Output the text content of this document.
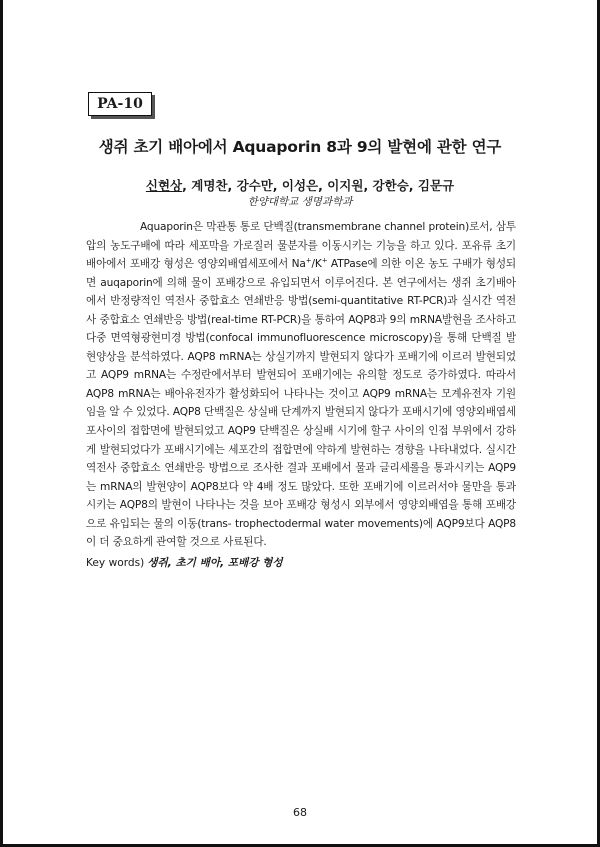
PA-10
생쥐 초기 배아에서 Aquaporin 8과 9의 발현에 관한 연구
신현상, 계명찬, 강수만, 이성은, 이지원, 강한승, 김문규
한양대학교 생명과학과

Aquaporin은 막관통 통로 단백질(transmembrane channel protein)로서, 삼투압의 농도구배에 따라 세포막을 가로질러 물분자를 이동시키는 기능을 하고 있다. 포유류 초기배아에서 포배강 형성은 영양외배엽세포에서 Na+/K+ ATPase에 의한 이온 농도 구배가 형성되면 auqaporin에 의해 물이 포배강으로 유입되면서 이루어진다. 본 연구에서는 생쥐 초기배아에서 반정량적인 역전사 중합효소 연쇄반응 방법(semi-quantitative RT-PCR)과 실시간 역전사 중합효소 연쇄반응 방법(real-time RT-PCR)을 통하여 AQP8과 9의 mRNA발현을 조사하고 다중 면역형광현미경 방법(confocal immunofluorescence microscopy)을 통해 단백질 발현양상을 분석하였다. AQP8 mRNA는 상실기까지 발현되지 않다가 포배기에 이르러 발현되었고 AQP9 mRNA는 수정란에서부터 발현되어 포배기에는 유의할 정도로 증가하였다. 따라서 AQP8 mRNA는 배아유전자가 활성화되어 나타나는 것이고 AQP9 mRNA는 모계유전자 기원임을 알 수 있었다. AQP8 단백질은 상실배 단계까지 발현되지 않다가 포배시기에 영양외배엽세포사이의 접합면에 발현되었고 AQP9 단백질은 상실배 시기에 할구 사이의 인접 부위에서 강하게 발현되었다가 포배시기에는 세포간의 접합면에 약하게 발현하는 경향을 나타내었다. 실시간 역전사 중합효소 연쇄반응 방법으로 조사한 결과 포배에서 물과 글리세롤을 통과시키는 AQP9는 mRNA의 발현양이 AQP8보다 약 4배 정도 많았다. 또한 포배기에 이르러서야 물만을 통과시키는 AQP8의 발현이 나타나는 것을 보아 포배강 형성시 외부에서 영양외배엽을 통해 포배강으로 유입되는 물의 이동(trans- trophectodermal water movements)에 AQP9보다 AQP8이 더 중요하게 관여할 것으로 사료된다.

Key words) 생쥐, 초기 배아, 포배강 형성
68
